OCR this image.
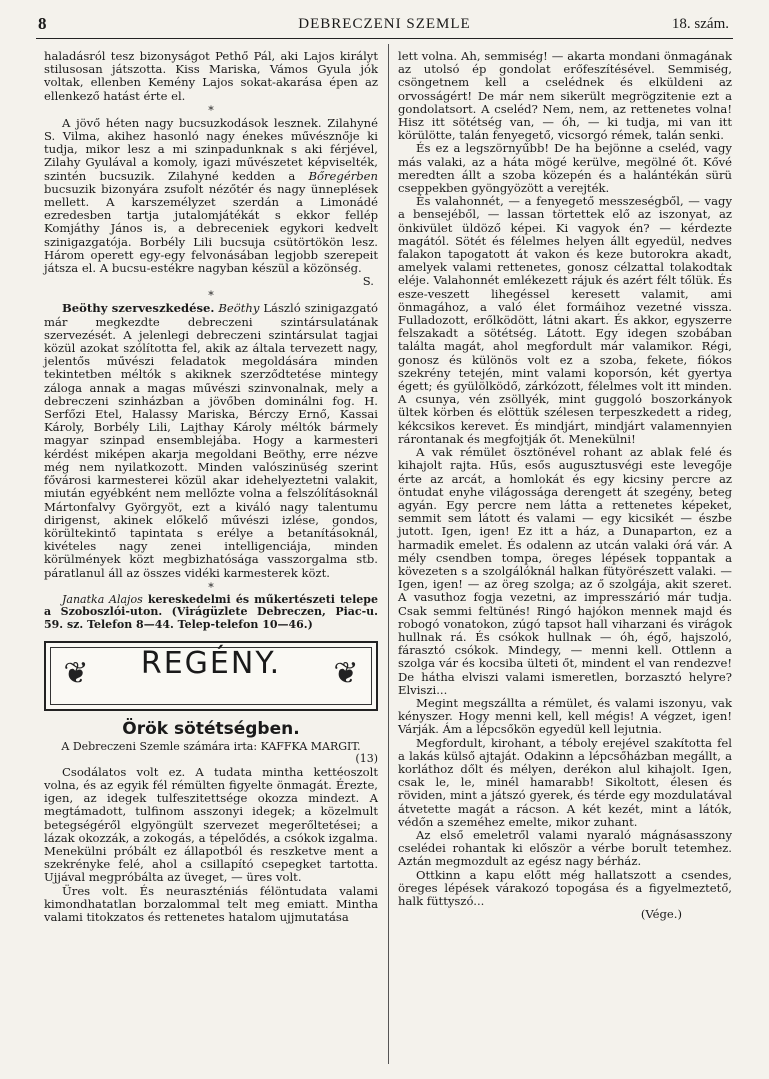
8	DEBRECZENI SZEMLE	18. szám.

haladásról tesz bizonyságot Pethő Pál, aki Lajos királyt stilusosan játszotta. Kiss Mariska, Vámos Gyula jók voltak, ellenben Kemény Lajos sokat-akarása épen az ellenkező hatást érte el.

*

A jövő héten nagy bucsuzkodások lesznek. Zilahyné S. Vilma, akihez hasonló nagy énekes művésznője ki tudja, mikor lesz a mi szinpadunknak s aki férjével, Zilahy Gyulával a komoly, igazi művészetet képviselték, szintén bucsuzik. Zilahyné kedden a Bőregérben bucsuzik bizonyára zsufolt nézőtér és nagy ünneplések mellett. A karszemélyzet szerdán a Limonádé ezredesben tartja jutalomjátékát s ekkor fellép Komjáthy János is, a debreceniek egykori kedvelt szinigazgatója. Borbély Lili bucsuja csütörtökön lesz. Három operett egy-egy felvonásában legjobb szerepeit játsza el. A bucsu-estékre nagyban készül a közönség.

S.
*

Beöthy szerveszkedése. Beöthy László szinigazgató már megkezdte debreczeni szintársulatának szervezését. A jelenlegi debreczeni szintársulat tagjai közül azokat szólította fel, akik az általa tervezett nagy, jelentős művészi feladatok megoldására minden tekintetben méltók s akiknek szerződtetése mintegy záloga annak a magas művészi szinvonalnak, mely a debreczeni szinházban a jövőben dominálni fog. H. Serfőzi Etel, Halassy Mariska, Bérczy Ernő, Kassai Károly, Borbély Lili, Lajthay Károly méltók bármely magyar szinpad ensemblejába. Hogy a karmesteri kérdést miképen akarja megoldani Beöthy, erre nézve még nem nyilatkozott. Minden valószinüség szerint fővárosi karmesterei közül akar idehelyeztetni valakit, miután egyébként nem mellőzte volna a felszólításoknál Mártonfalvy Györgyöt, ezt a kiváló nagy talentumu dirigenst, akinek előkelő művészi izlése, gondos, körültekintő tapintata s erélye a betanításoknál, kivételes nagy zenei intelligenciája, minden körülmények közt megbizhatósága vasszorgalma stb. páratlanul áll az összes vidéki karmesterek közt.

*

Janatka Alajos kereskedelmi és műkertészeti telepe a Szoboszlói-uton. (Virágüzlete Debreczen, Piac-u. 59. sz. Telefon 8—44. Telep-telefon 10—46.)

❦	REGÉNY.	❦
Örök sötétségben.

A Debreczeni Szemle számára irta: KAFFKA MARGIT.

(13)

Csodálatos volt ez. A tudata mintha kettéoszolt volna, és az egyik fél rémülten figyelte önmagát. Érezte, igen, az idegek tulfeszitettsége okozza mindezt. A megtámadott, tulfinom asszonyi idegek; a közelmult betegségéről elgyöngült szervezet megerőltetései; a lázak okozzák, a zokogás, a tépelődés, a csókok izgalma. Menekülni próbált ez állapotból és reszketve ment a szekrényke felé, ahol a csillapító csepegket tartotta. Ujjával megpróbálta az üveget, — üres volt.

Üres volt. És neuraszténiás félöntudata valami kimondhatatlan borzalommal telt meg emiatt. Mintha valami titokzatos és rettenetes hatalom ujjmutatása

lett volna. Ah, semmiség! — akarta mondani önmagának az utolsó ép gondolat erőfeszítésével. Semmiség, csöngetnem kell a cselédnek és elküldeni az orvosságért! De már nem sikerült megrögzitenie ezt a gondolatsort. A cseléd? Nem, nem, az rettenetes volna! Hisz itt sötétség van, — óh, — ki tudja, mi van itt körülötte, talán fenyegető, vicsorgó rémek, talán senki.

És ez a legszörnyűbb! De ha bejönne a cseléd, vagy más valaki, az a háta mögé kerülve, megölné őt. Kővé meredten állt a szoba közepén és a halántékán sürü cseppekben gyöngyözött a verejték.

És valahonnét, — a fenyegető messzeségből, — vagy a bensejéből, — lassan törtettek elő az iszonyat, az önkivület üldöző képei. Ki vagyok én? — kérdezte magától. Sötét és félelmes helyen állt egyedül, nedves falakon tapogatott át vakon és keze butorokra akadt, amelyek valami rettenetes, gonosz célzattal tolakodtak eléje. Valahonnét emlékezett rájuk és azért félt tőlük. És esze-veszett lihegéssel keresett valamit, ami önmagához, a való élet formáihoz vezetné vissza. Fulladozott, erőlködött, látni akart. És akkor, egyszerre felszakadt a sötétség. Látott. Egy idegen szobában találta magát, ahol megfordult már valamikor. Régi, gonosz és különös volt ez a szoba, fekete, fiókos szekrény tetején, mint valami koporsón, két gyertya égett; és gyülölködő, zárkózott, félelmes volt itt minden. A csunya, vén zsöllyék, mint guggoló boszorkányok ültek körben és elöttük szélesen terpeszkedett a rideg, kékcsikos kerevet. És mindjárt, mindjárt valamennyien rárontanak és megfojtják őt. Menekülni!

A vak rémület ösztönével rohant az ablak felé és kihajolt rajta. Hűs, esős augusztusvégi este levegője érte az arcát, a homlokát és egy kicsiny percre az öntudat enyhe világossága derengett át szegény, beteg agyán. Egy percre nem látta a rettenetes képeket, semmit sem látott és valami — egy kicsikét — észbe jutott. Igen, igen! Ez itt a ház, a Dunaparton, ez a harmadik emelet. És odalenn az utcán valaki órá vár. A mély csendben tompa, öreges lépések toppantak a kövezeten s a szolgálóknál halkan fütyörészett valaki. — Igen, igen! — az öreg szolga; az ő szolgája, akit szeret. A vasuthoz fogja vezetni, az impresszárió már tudja. Csak semmi feltünés! Ringó hajókon mennek majd és robogó vonatokon, zúgó tapsot hall viharzani és virágok hullnak rá. És csókok hullnak — óh, égő, hajszoló, fárasztó csókok. Mindegy, — menni kell. Ottlenn a szolga vár és kocsiba ülteti őt, mindent el van rendezve! De hátha elviszi valami ismeretlen, borzasztó helyre? Elviszi...

Megint megszállta a rémület, és valami iszonyu, vak kényszer. Hogy menni kell, kell mégis! A végzet, igen! Várják. Ám a lépcsőkön egyedül kell lejutnia.

Megfordult, kirohant, a téboly erejével szakította fel a lakás külső ajtaját. Odakinn a lépcsőházban megállt, a korláthoz dőlt és mélyen, derékon alul kihajolt. Igen, csak le, le, minél hamarabb! Sikoltott, élesen és röviden, mint a játszó gyerek, és térde egy mozdulatával átvetette magát a rácson. A két kezét, mint a látók, védőn a szeméhez emelte, mikor zuhant.

Az első emeletről valami nyaraló mágnásasszony cselédei rohantak ki először a vérbe borult tetemhez. Aztán megmozdult az egész nagy bérház.

Ottkinn a kapu előtt még hallatszott a csendes, öreges lépések várakozó topogása és a figyelmeztető, halk füttyszó...

(Vége.)
